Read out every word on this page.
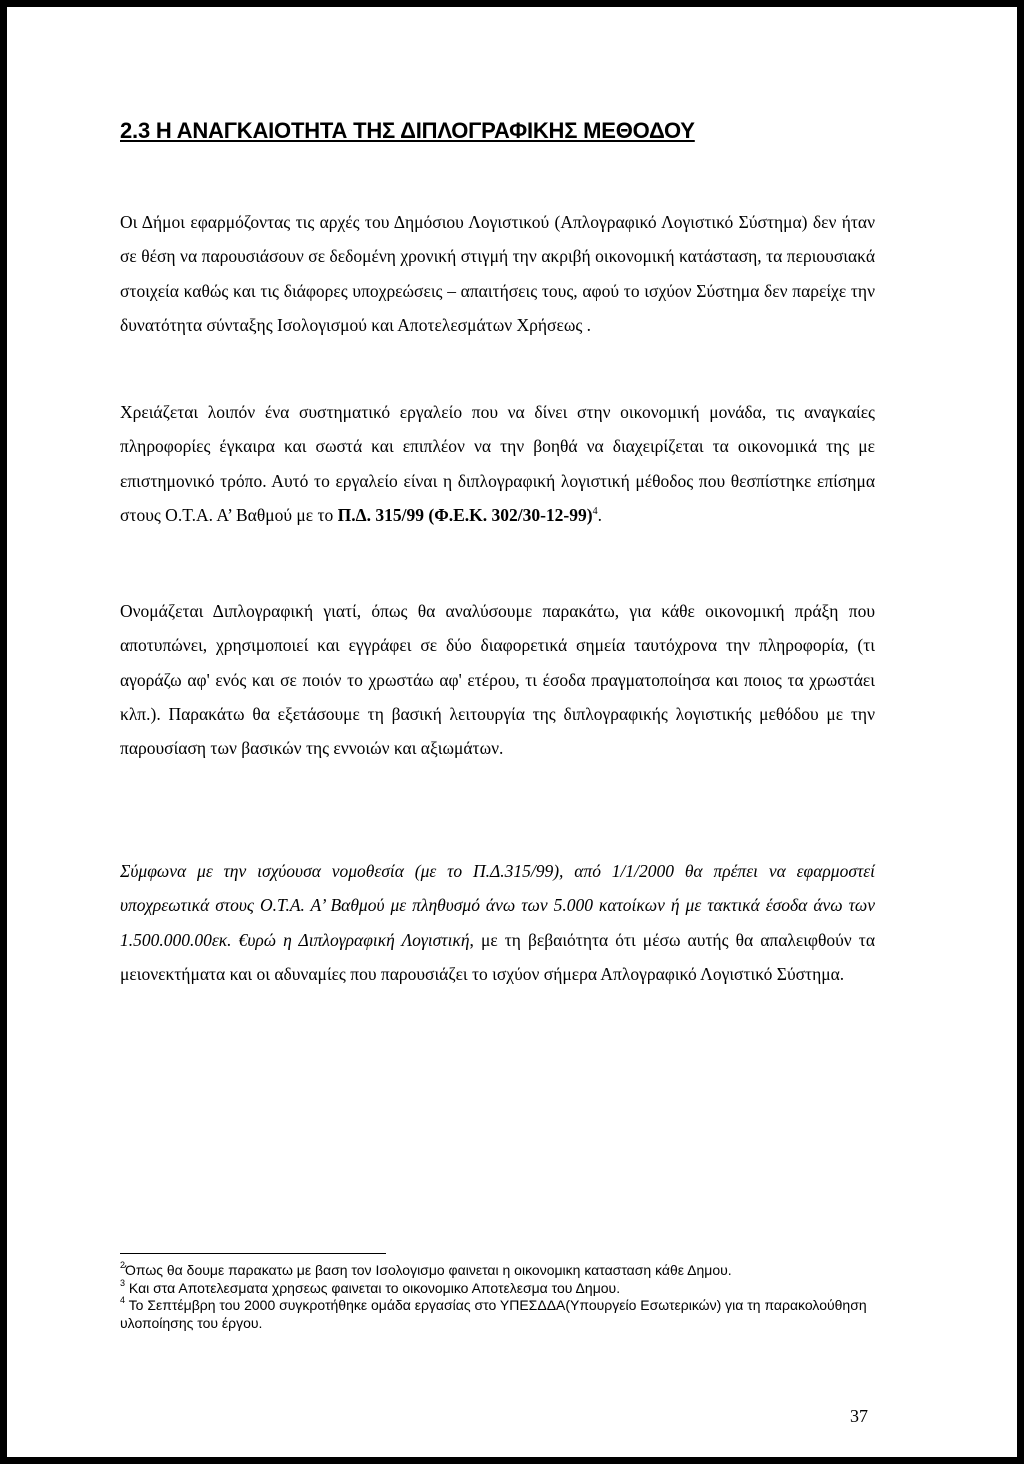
2.3 Η ΑΝΑΓΚΑΙΟΤΗΤΑ ΤΗΣ ΔΙΠΛΟΓΡΑΦΙΚΗΣ ΜΕΘΟΔΟΥ

Οι Δήμοι εφαρμόζοντας τις αρχές του Δημόσιου Λογιστικού (Απλογραφικό Λογιστικό Σύστημα) δεν ήταν σε θέση να παρουσιάσουν σε δεδομένη χρονική στιγμή την ακριβή οικονομική κατάσταση, τα περιουσιακά στοιχεία καθώς και τις διάφορες υποχρεώσεις – απαιτήσεις τους, αφού το ισχύον Σύστημα δεν παρείχε την δυνατότητα σύνταξης Ισολογισμού και Αποτελεσμάτων Χρήσεως .

Χρειάζεται λοιπόν ένα συστηματικό εργαλείο που να δίνει στην οικονομική μονάδα, τις αναγκαίες πληροφορίες έγκαιρα και σωστά και επιπλέον να την βοηθά να διαχειρίζεται τα οικονομικά της με επιστημονικό τρόπο. Αυτό το εργαλείο είναι η διπλογραφική λογιστική μέθοδος που θεσπίστηκε επίσημα στους Ο.Τ.Α. Α’ Βαθμού με το Π.Δ. 315/99 (Φ.Ε.Κ. 302/30-12-99)$^4$.

Ονομάζεται Διπλογραφική γιατί, όπως θα αναλύσουμε παρακάτω, για κάθε οικονομική πράξη που αποτυπώνει, χρησιμοποιεί και εγγράφει σε δύο διαφορετικά σημεία ταυτόχρονα την πληροφορία, (τι αγοράζω αφ' ενός και σε ποιόν το χρωστάω αφ' ετέρου, τι έσοδα πραγματοποίησα και ποιος τα χρωστάει κλπ.). Παρακάτω θα εξετάσουμε τη βασική λειτουργία της διπλογραφικής λογιστικής μεθόδου με την παρουσίαση των βασικών της εννοιών και αξιωμάτων.

Σύμφωνα με την ισχύουσα νομοθεσία (με το Π.Δ.315/99), από 1/1/2000 θα πρέπει να εφαρμοστεί υποχρεωτικά στους Ο.Τ.Α. Α’ Βαθμού με πληθυσμό άνω των 5.000 κατοίκων ή με τακτικά έσοδα άνω των 1.500.000.00εκ. €υρώ η Διπλογραφική Λογιστική, με τη βεβαιότητα ότι μέσω αυτής θα απαλειφθούν τα μειονεκτήματα και οι αδυναμίες που παρουσιάζει το ισχύον σήμερα Απλογραφικό Λογιστικό Σύστημα.

$^2$Όπως θα δουμε παρακατω με βαση τον Ισολογισμο φαινεται η οικονομικη κατασταση κάθε Δημου.
$^3$ Και στα Αποτελεσματα χρησεως φαινεται το οικονομικο Αποτελεσμα του Δημου.
$^4$ Το Σεπτέμβρη του 2000 συγκροτήθηκε ομάδα εργασίας στο ΥΠΕΣΔΔΑ(Υπουργείο Εσωτερικών) για τη παρακολούθηση υλοποίησης του έργου.
37
